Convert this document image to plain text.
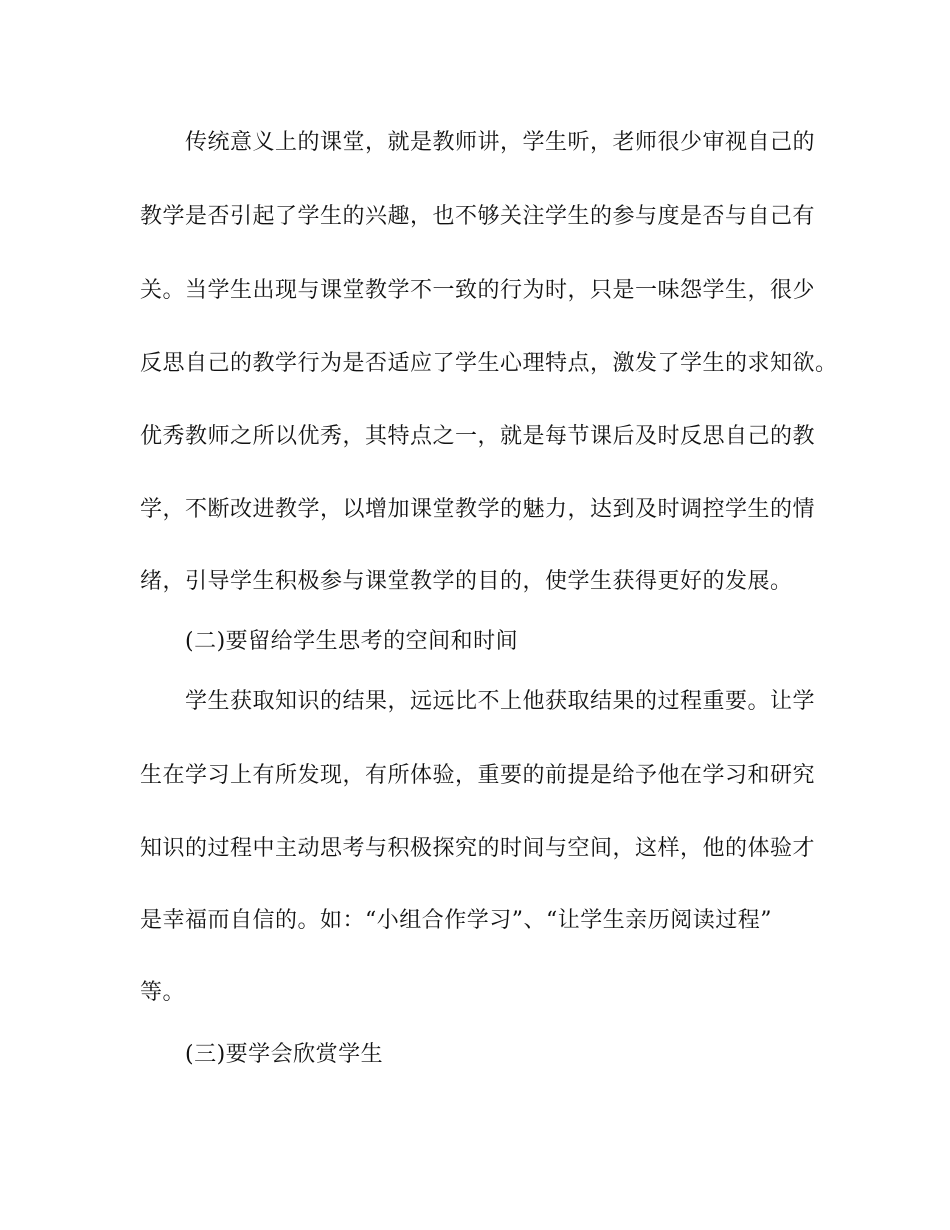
传统意义上的课堂，就是教师讲，学生听，老师很少审视自己的
教学是否引起了学生的兴趣，也不够关注学生的参与度是否与自己有
关。当学生出现与课堂教学不一致的行为时，只是一味怨学生，很少
反思自己的教学行为是否适应了学生心理特点，激发了学生的求知欲。
优秀教师之所以优秀，其特点之一，就是每节课后及时反思自己的教
学，不断改进教学，以增加课堂教学的魅力，达到及时调控学生的情
绪，引导学生积极参与课堂教学的目的，使学生获得更好的发展。
(二)要留给学生思考的空间和时间
学生获取知识的结果，远远比不上他获取结果的过程重要。让学
生在学习上有所发现，有所体验，重要的前提是给予他在学习和研究
知识的过程中主动思考与积极探究的时间与空间，这样，他的体验才
是幸福而自信的。如：“小组合作学习”、“让学生亲历阅读过程”
等。
(三)要学会欣赏学生
